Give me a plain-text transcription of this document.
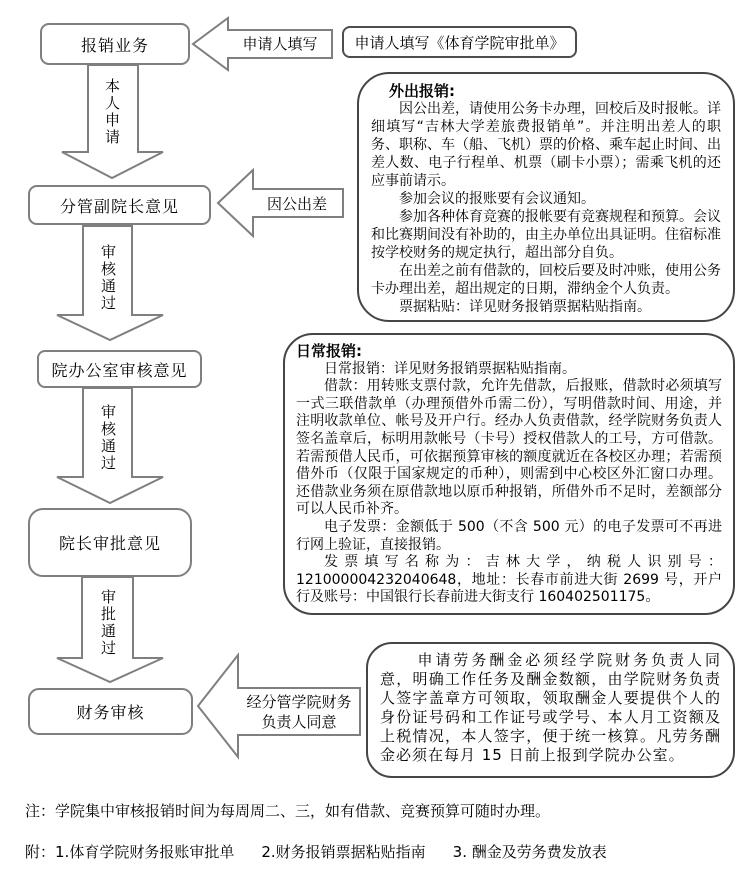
报销业务	申请人填写《体育学院审批单》
分管副院长意见
院办公室审核意见
院长审批意见
财务审核
申请人填写
本人申请
因公出差
审核通过
审核通过
审批通过
经分管学院财务
负责人同意

外出报销:

因公出差，请使用公务卡办理，回校后及时报帐。详细填写“吉林大学差旅费报销单”。并注明出差人的职务、职称、车（船、飞机）票的价格、乘车起止时间、出差人数、电子行程单、机票（刷卡小票）；需乘飞机的还应事前请示。

参加会议的报账要有会议通知。

参加各种体育竞赛的报帐要有竞赛规程和预算。会议和比赛期间没有补助的，由主办单位出具证明。住宿标准按学校财务的规定执行，超出部分自负。

在出差之前有借款的，回校后要及时冲账，使用公务卡办理出差，超出规定的日期，滞纳金个人负责。

票据粘贴：详见财务报销票据粘贴指南。

日常报销:

日常报销：详见财务报销票据粘贴指南。

借款：用转账支票付款，允许先借款，后报账，借款时必须填写一式三联借款单（办理预借外币需二份），写明借款时间、用途，并注明收款单位、帐号及开户行。经办人负责借款，经学院财务负责人签名盖章后，标明用款帐号（卡号）授权借款人的工号，方可借款。若需预借人民币，可依据预算审核的额度就近在各校区办理；若需预借外币（仅限于国家规定的币种），则需到中心校区外汇窗口办理。还借款业务须在原借款地以原币种报销，所借外币不足时，差额部分可以人民币补齐。

电子发票：金额低于 500（不含 500 元）的电子发票可不再进行网上验证，直接报销。

发票填写名称为：吉林大学，纳税人识别号：121000004232040648，地址：长春市前进大街 2699 号，开户行及账号：中国银行长春前进大街支行 160402501175。

申请劳务酬金必须经学院财务负责人同意，明确工作任务及酬金数额，由学院财务负责人签字盖章方可领取，领取酬金人要提供个人的身份证号码和工作证号或学号、本人月工资额及上税情况，本人签字，便于统一核算。凡劳务酬金必须在每月 15 日前上报到学院办公室。

注：学院集中审核报销时间为每周周二、三，如有借款、竞赛预算可随时办理。
附：1.体育学院财务报账审批单 2.财务报销票据粘贴指南 3. 酬金及劳务费发放表
